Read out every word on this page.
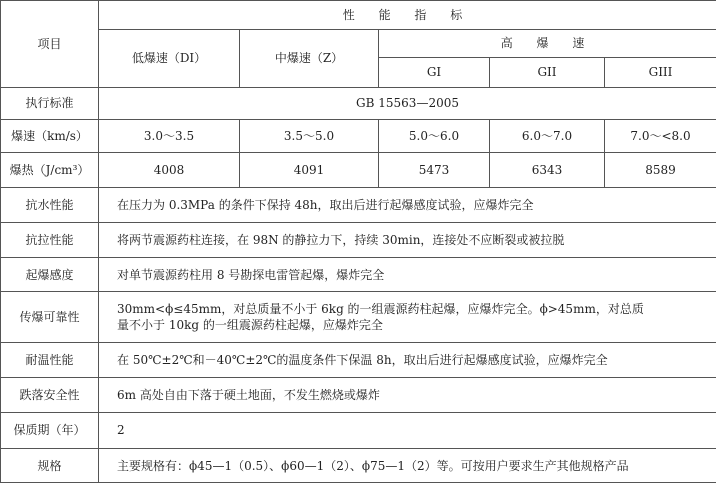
项目	性 能 指 标				
	低爆速（DI）	中爆速（Z）	高 爆 速		
			GI	GII	GIII
执行标准	GB 15563—2005				
爆速（km/s）	3.0～3.5	3.5～5.0	5.0～6.0	6.0～7.0	7.0～<8.0
爆热（J/cm³）	4008	4091	5473	6343	8589
抗水性能	在压力为 0.3MPa 的条件下保持 48h，取出后进行起爆感度试验，应爆炸完全				
抗拉性能	将两节震源药柱连接，在 98N 的静拉力下，持续 30min，连接处不应断裂或被拉脱				
起爆感度	对单节震源药柱用 8 号勘探电雷管起爆，爆炸完全				
传爆可靠性	30mm<ϕ≤45mm，对总质量不小于 6kg 的一组震源药柱起爆，应爆炸完全。ϕ>45mm，对总质
量不小于 10kg 的一组震源药柱起爆，应爆炸完全				

耐温性能	在 50℃±2℃和－40℃±2℃的温度条件下保温 8h，取出后进行起爆感度试验，应爆炸完全				
跌落安全性	6m 高处自由下落于硬土地面，不发生燃烧或爆炸				
保质期（年）	2				
规格	主要规格有：ϕ45—1（0.5）、ϕ60—1（2）、ϕ75—1（2）等。可按用户要求生产其他规格产品				
